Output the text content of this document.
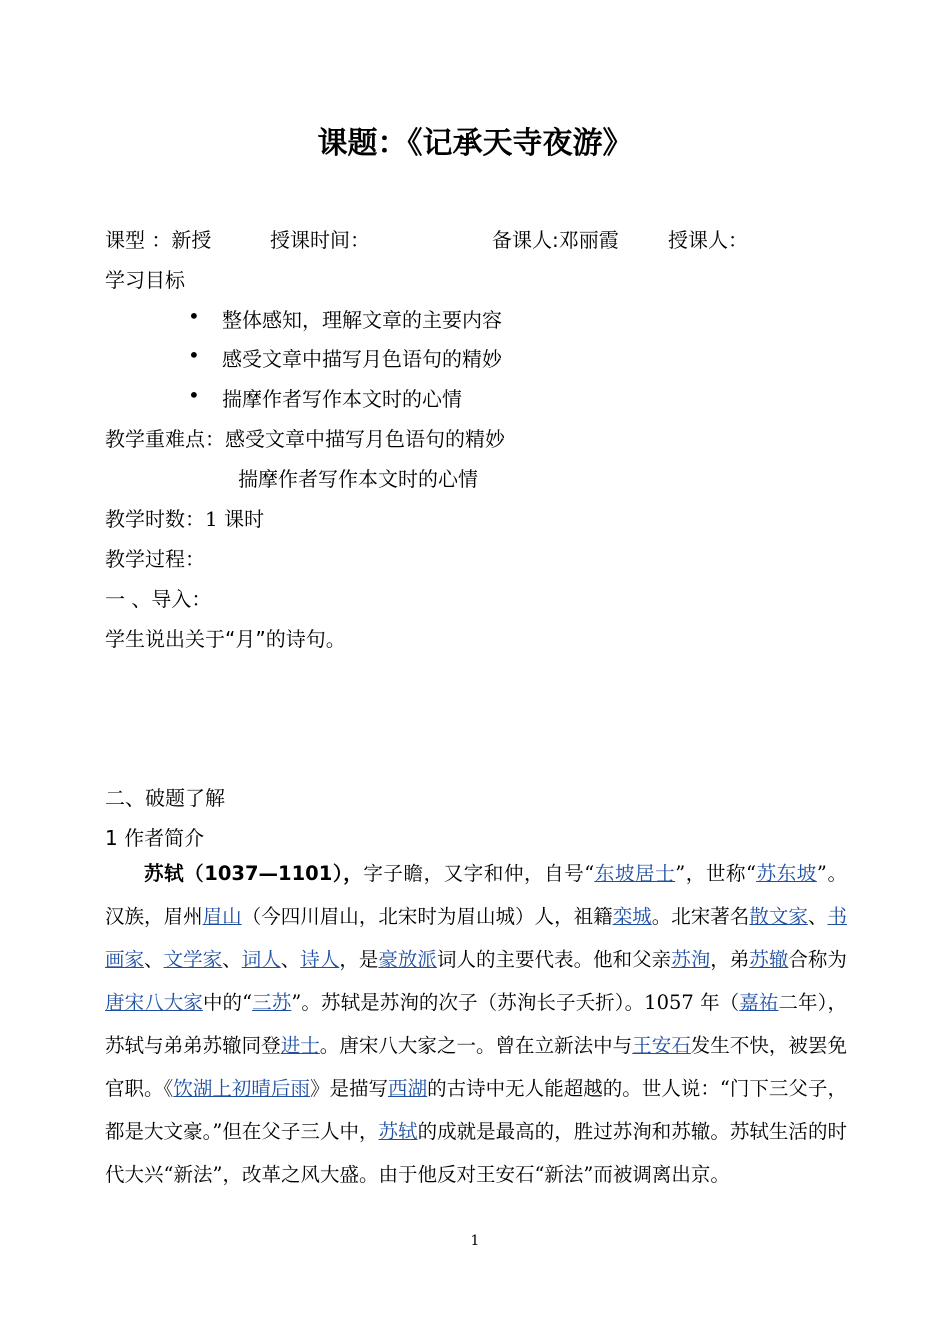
课题：《记承天寺夜游》
课型 ：新授	授课时间：	备课人:邓丽霞 授课人：
学习目标
• 整体感知，理解文章的主要内容
• 感受文章中描写月色语句的精妙
• 揣摩作者写作本文时的心情
教学重难点：感受文章中描写月色语句的精妙
揣摩作者写作本文时的心情
教学时数：1 课时
教学过程：
一 、导入：
学生说出关于“月”的诗句。
二、破题了解
1 作者简介
苏轼（1037—1101），字子瞻，又字和仲，自号“东坡居士”，世称“苏东坡”。汉族，眉州眉山（今四川眉山，北宋时为眉山城）人，祖籍栾城。北宋著名散文家、书画家、文学家、词人、诗人，是豪放派词人的主要代表。他和父亲苏洵，弟苏辙合称为唐宋八大家中的“三苏”。苏轼是苏洵的次子（苏洵长子夭折）。1057 年（嘉祐二年），苏轼与弟弟苏辙同登进士。唐宋八大家之一。曾在立新法中与王安石发生不快，被罢免官职。《饮湖上初晴后雨》是描写西湖的古诗中无人能超越的。世人说：“门下三父子，都是大文豪。”但在父子三人中，苏轼的成就是最高的，胜过苏洵和苏辙。苏轼生活的时代大兴“新法”，改革之风大盛。由于他反对王安石“新法”而被调离出京。
1
